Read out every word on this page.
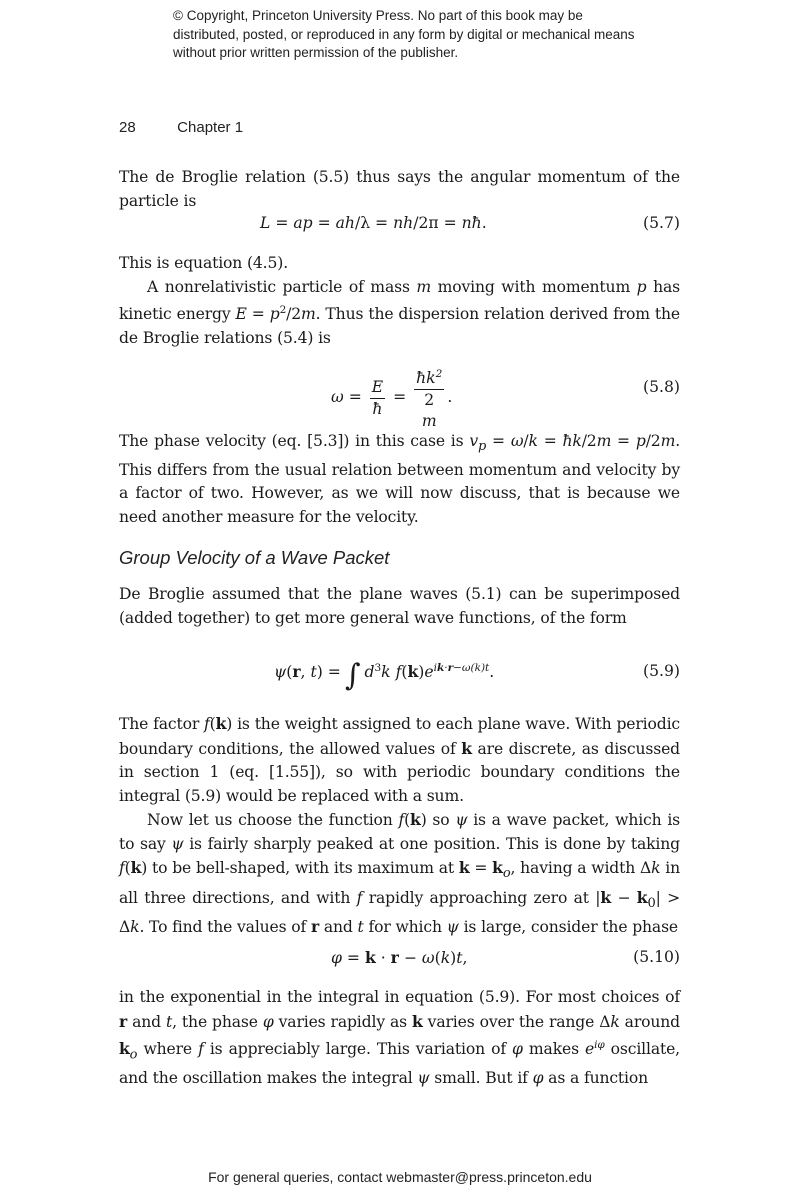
© Copyright, Princeton University Press. No part of this book may be distributed, posted, or reproduced in any form by digital or mechanical means without prior written permission of the publisher.
28	Chapter 1

The de Broglie relation (5.5) thus says the angular momentum of the particle is

L = ap = ah/λ = nh/2π = nħ.	(5.7)

This is equation (4.5).

A nonrelativistic particle of mass m moving with momentum p has kinetic energy $E = p^2/2m$. Thus the dispersion relation derived from the de Broglie relations (5.4) is

$\omega = \frac{E}{ħ}$ = $ħk^2$
2
m .
(5.8)

The phase velocity (eq. [5.3]) in this case is $v_p = \omega/k$ = ħk/2m = p/2m. This differs from the usual relation between momentum and velocity by a factor of two. However, as we will now discuss, that is because we need another measure for the velocity.

Group Velocity of a Wave Packet

De Broglie assumed that the plane waves (5.1) can be superimposed (added together) to get more general wave functions, of the form

ψ(r, t) = ∫ $d^3k$ $f(k)e^{ik\cdot r-\omega(k)t}$.	(5.9)

The factor f(k) is the weight assigned to each plane wave. With periodic boundary conditions, the allowed values of k are discrete, as discussed in section 1 (eq. [1.55]), so with periodic boundary conditions the integral (5.9) would be replaced with a sum.

Now let us choose the function f(k) so ψ is a wave packet, which is to say ψ is fairly sharply peaked at one position. This is done by taking f(k) to be bell-shaped, with its maximum at $k = k_o$, having a width Δk in all three directions, and with f rapidly approaching zero at $|k - k_0| > \Delta k$. To find the values of r and t for which ψ is large, consider the phase

φ = k · r − ω(k)t,	(5.10)

in the exponential in the integral in equation (5.9). For most choices of r and t, the phase φ varies rapidly as k varies over the range Δk around $k_o$ where f is appreciably large. This variation of φ makes $e^{i\varphi}$ oscillate, and the oscillation makes the integral ψ small. But if φ as a function

For general queries, contact webmaster@press.princeton.edu
